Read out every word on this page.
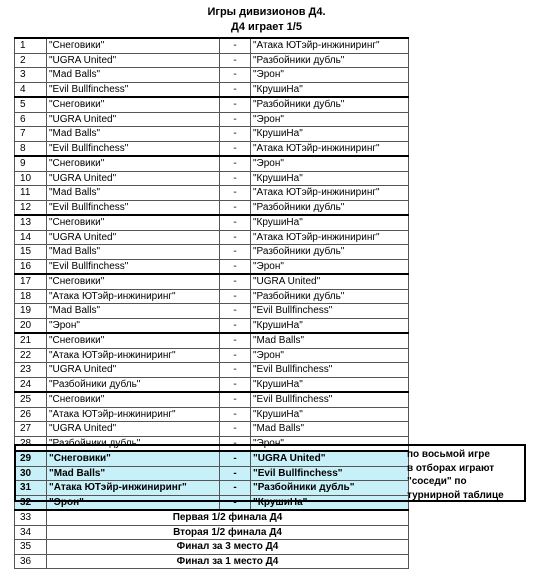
Игры дивизионов Д4.
Д4 играет 1/5
1	"Снеговики"	-	"Атака ЮТэйр-инжиниринг"
2	"UGRA United"	-	"Разбойники дубль"
3	"Mad Balls"	-	"Эрон"
4	"Evil Bullfinchess"	-	"КрушиНа"
5	"Снеговики"	-	"Разбойники дубль"
6	"UGRA United"	-	"Эрон"
7	"Mad Balls"	-	"КрушиНа"
8	"Evil Bullfinchess"	-	"Атака ЮТэйр-инжиниринг"
9	"Снеговики"	-	"Эрон"
10	"UGRA United"	-	"КрушиНа"
11	"Mad Balls"	-	"Атака ЮТэйр-инжиниринг"
12	"Evil Bullfinchess"	-	"Разбойники дубль"
13	"Снеговики"	-	"КрушиНа"
14	"UGRA United"	-	"Атака ЮТэйр-инжиниринг"
15	"Mad Balls"	-	"Разбойники дубль"
16	"Evil Bullfinchess"	-	"Эрон"
17	"Снеговики"	-	"UGRA United"
18	"Атака ЮТэйр-инжиниринг"	-	"Разбойники дубль"
19	"Mad Balls"	-	"Evil Bullfinchess"
20	"Эрон"	-	"КрушиНа"
21	"Снеговики"	-	"Mad Balls"
22	"Атака ЮТэйр-инжиниринг"	-	"Эрон"
23	"UGRA United"	-	"Evil Bullfinchess"
24	"Разбойники дубль"	-	"КрушиНа"
25	"Снеговики"	-	"Evil Bullfinchess"
26	"Атака ЮТэйр-инжиниринг"	-	"КрушиНа"
27	"UGRA United"	-	"Mad Balls"
28	"Разбойники дубль"	-	"Эрон"
29	"Снеговики"	-	"UGRA United"
30	"Mad Balls"	-	"Evil Bullfinchess"
31	"Атака ЮТэйр-инжиниринг"	-	"Разбойники дубль"
32	"Эрон"	-	"КрушиНа"
33	Первая 1/2 финала Д4		
34	Вторая 1/2 финала Д4		
35	Финал за 3 место Д4		
36	Финал за 1 место Д4		
по восьмой игре
в отборах играют
"соседи" по
турнирной таблице
